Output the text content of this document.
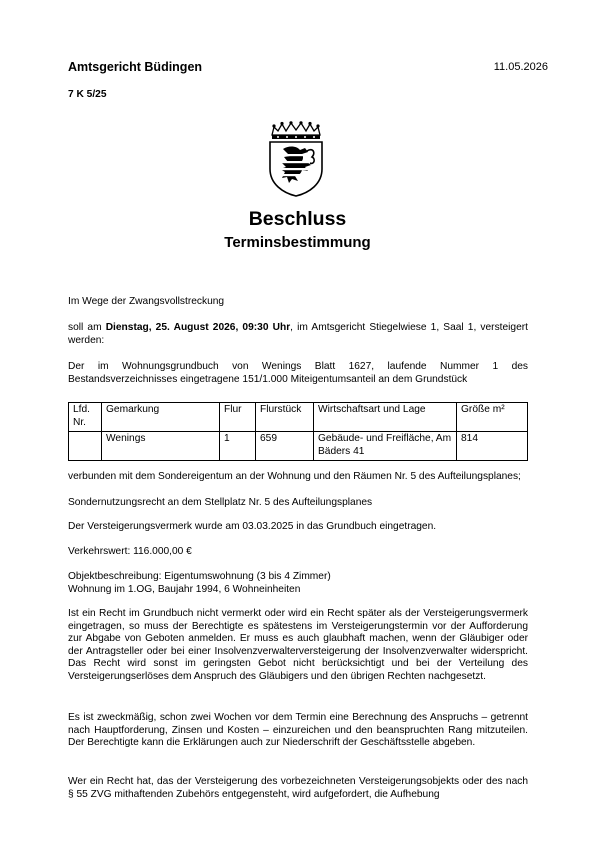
Amtsgericht Büdingen	11.05.2026
7 K 5/25
Beschluss
Terminsbestimmung
Im Wege der Zwangsvollstreckung
soll am Dienstag, 25. August 2026, 09:30 Uhr, im Amtsgericht Stiegelwiese 1, Saal 1, versteigert werden:
Der im Wohnungsgrundbuch von Wenings Blatt 1627, laufende Nummer 1 des Bestandsverzeichnisses eingetragene 151/1.000 Miteigentumsanteil an dem Grundstück
Lfd. Nr.	Gemarkung	Flur	Flurstück	Wirtschaftsart und Lage	Größe m²
	Wenings	1	659	Gebäude- und Freifläche, Am Bäders 41	814
verbunden mit dem Sondereigentum an der Wohnung und den Räumen Nr. 5 des Aufteilungsplanes;
Sondernutzungsrecht an dem Stellplatz Nr. 5 des Aufteilungsplanes
Der Versteigerungsvermerk wurde am 03.03.2025 in das Grundbuch eingetragen.
Verkehrswert: 116.000,00 €
Objektbeschreibung: Eigentumswohnung (3 bis 4 Zimmer)
Wohnung im 1.OG, Baujahr 1994, 6 Wohneinheiten
Ist ein Recht im Grundbuch nicht vermerkt oder wird ein Recht später als der Versteigerungsvermerk eingetragen, so muss der Berechtigte es spätestens im Versteigerungstermin vor der Aufforderung zur Abgabe von Geboten anmelden. Er muss es auch glaubhaft machen, wenn der Gläubiger oder der Antragsteller oder bei einer Insolvenzverwalterversteigerung der Insolvenzverwalter widerspricht. Das Recht wird sonst im geringsten Gebot nicht berücksichtigt und bei der Verteilung des Versteigerungserlöses dem Anspruch des Gläubigers und den übrigen Rechten nachgesetzt.
Es ist zweckmäßig, schon zwei Wochen vor dem Termin eine Berechnung des Anspruchs – getrennt nach Hauptforderung, Zinsen und Kosten – einzureichen und den beanspruchten Rang mitzuteilen. Der Berechtigte kann die Erklärungen auch zur Niederschrift der Geschäftsstelle abgeben.
Wer ein Recht hat, das der Versteigerung des vorbezeichneten Versteigerungsobjekts oder des nach § 55 ZVG mithaftenden Zubehörs entgegensteht, wird aufgefordert, die Aufhebung
